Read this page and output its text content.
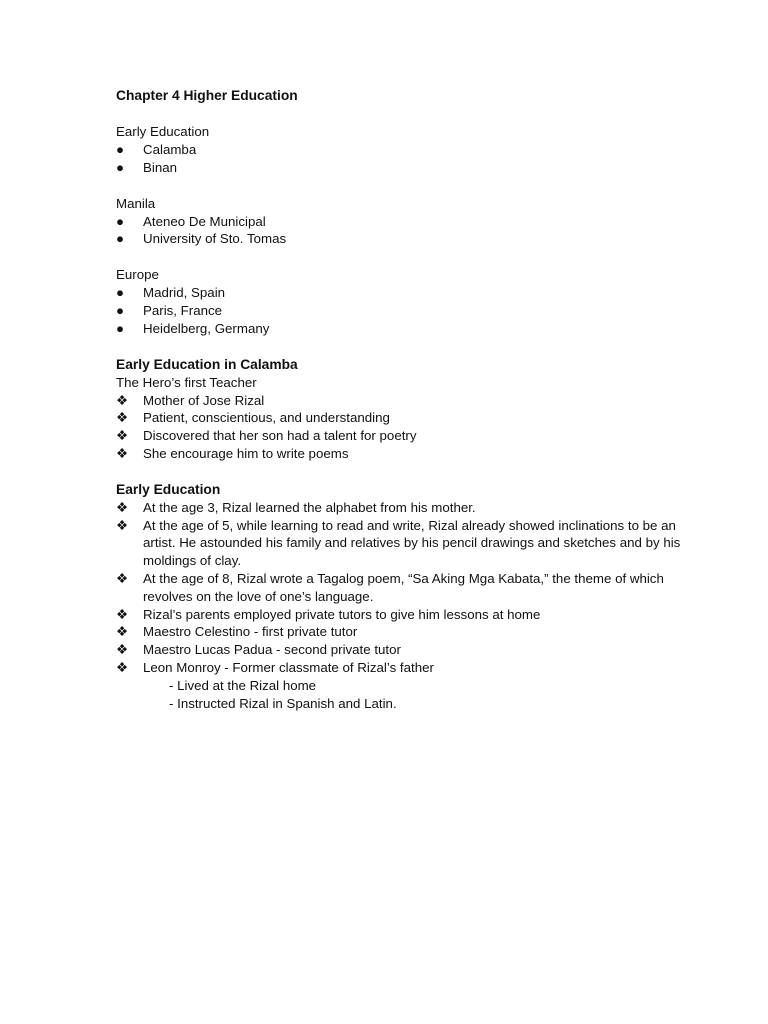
Chapter 4 Higher Education

Early Education

●	Calamba
●	Binan

Manila

●	Ateneo De Municipal
●	University of Sto. Tomas

Europe

●	Madrid, Spain
●	Paris, France
●	Heidelberg, Germany

Early Education in Calamba

The Hero’s first Teacher

❖	Mother of Jose Rizal
❖	Patient, conscientious, and understanding
❖	Discovered that her son had a talent for poetry
❖	She encourage him to write poems

Early Education

❖	At the age 3, Rizal learned the alphabet from his mother.
❖	At the age of 5, while learning to read and write, Rizal already showed inclinations to be an artist. He astounded his family and relatives by his pencil drawings and sketches and by his moldings of clay.
❖	At the age of 8, Rizal wrote a Tagalog poem, “Sa Aking Mga Kabata,” the theme of which revolves on the love of one’s language.
❖	Rizal’s parents employed private tutors to give him lessons at home
❖	Maestro Celestino - first private tutor
❖	Maestro Lucas Padua - second private tutor
❖	Leon Monroy - Former classmate of Rizal’s father
- Lived at the Rizal home
- Instructed Rizal in Spanish and Latin.
